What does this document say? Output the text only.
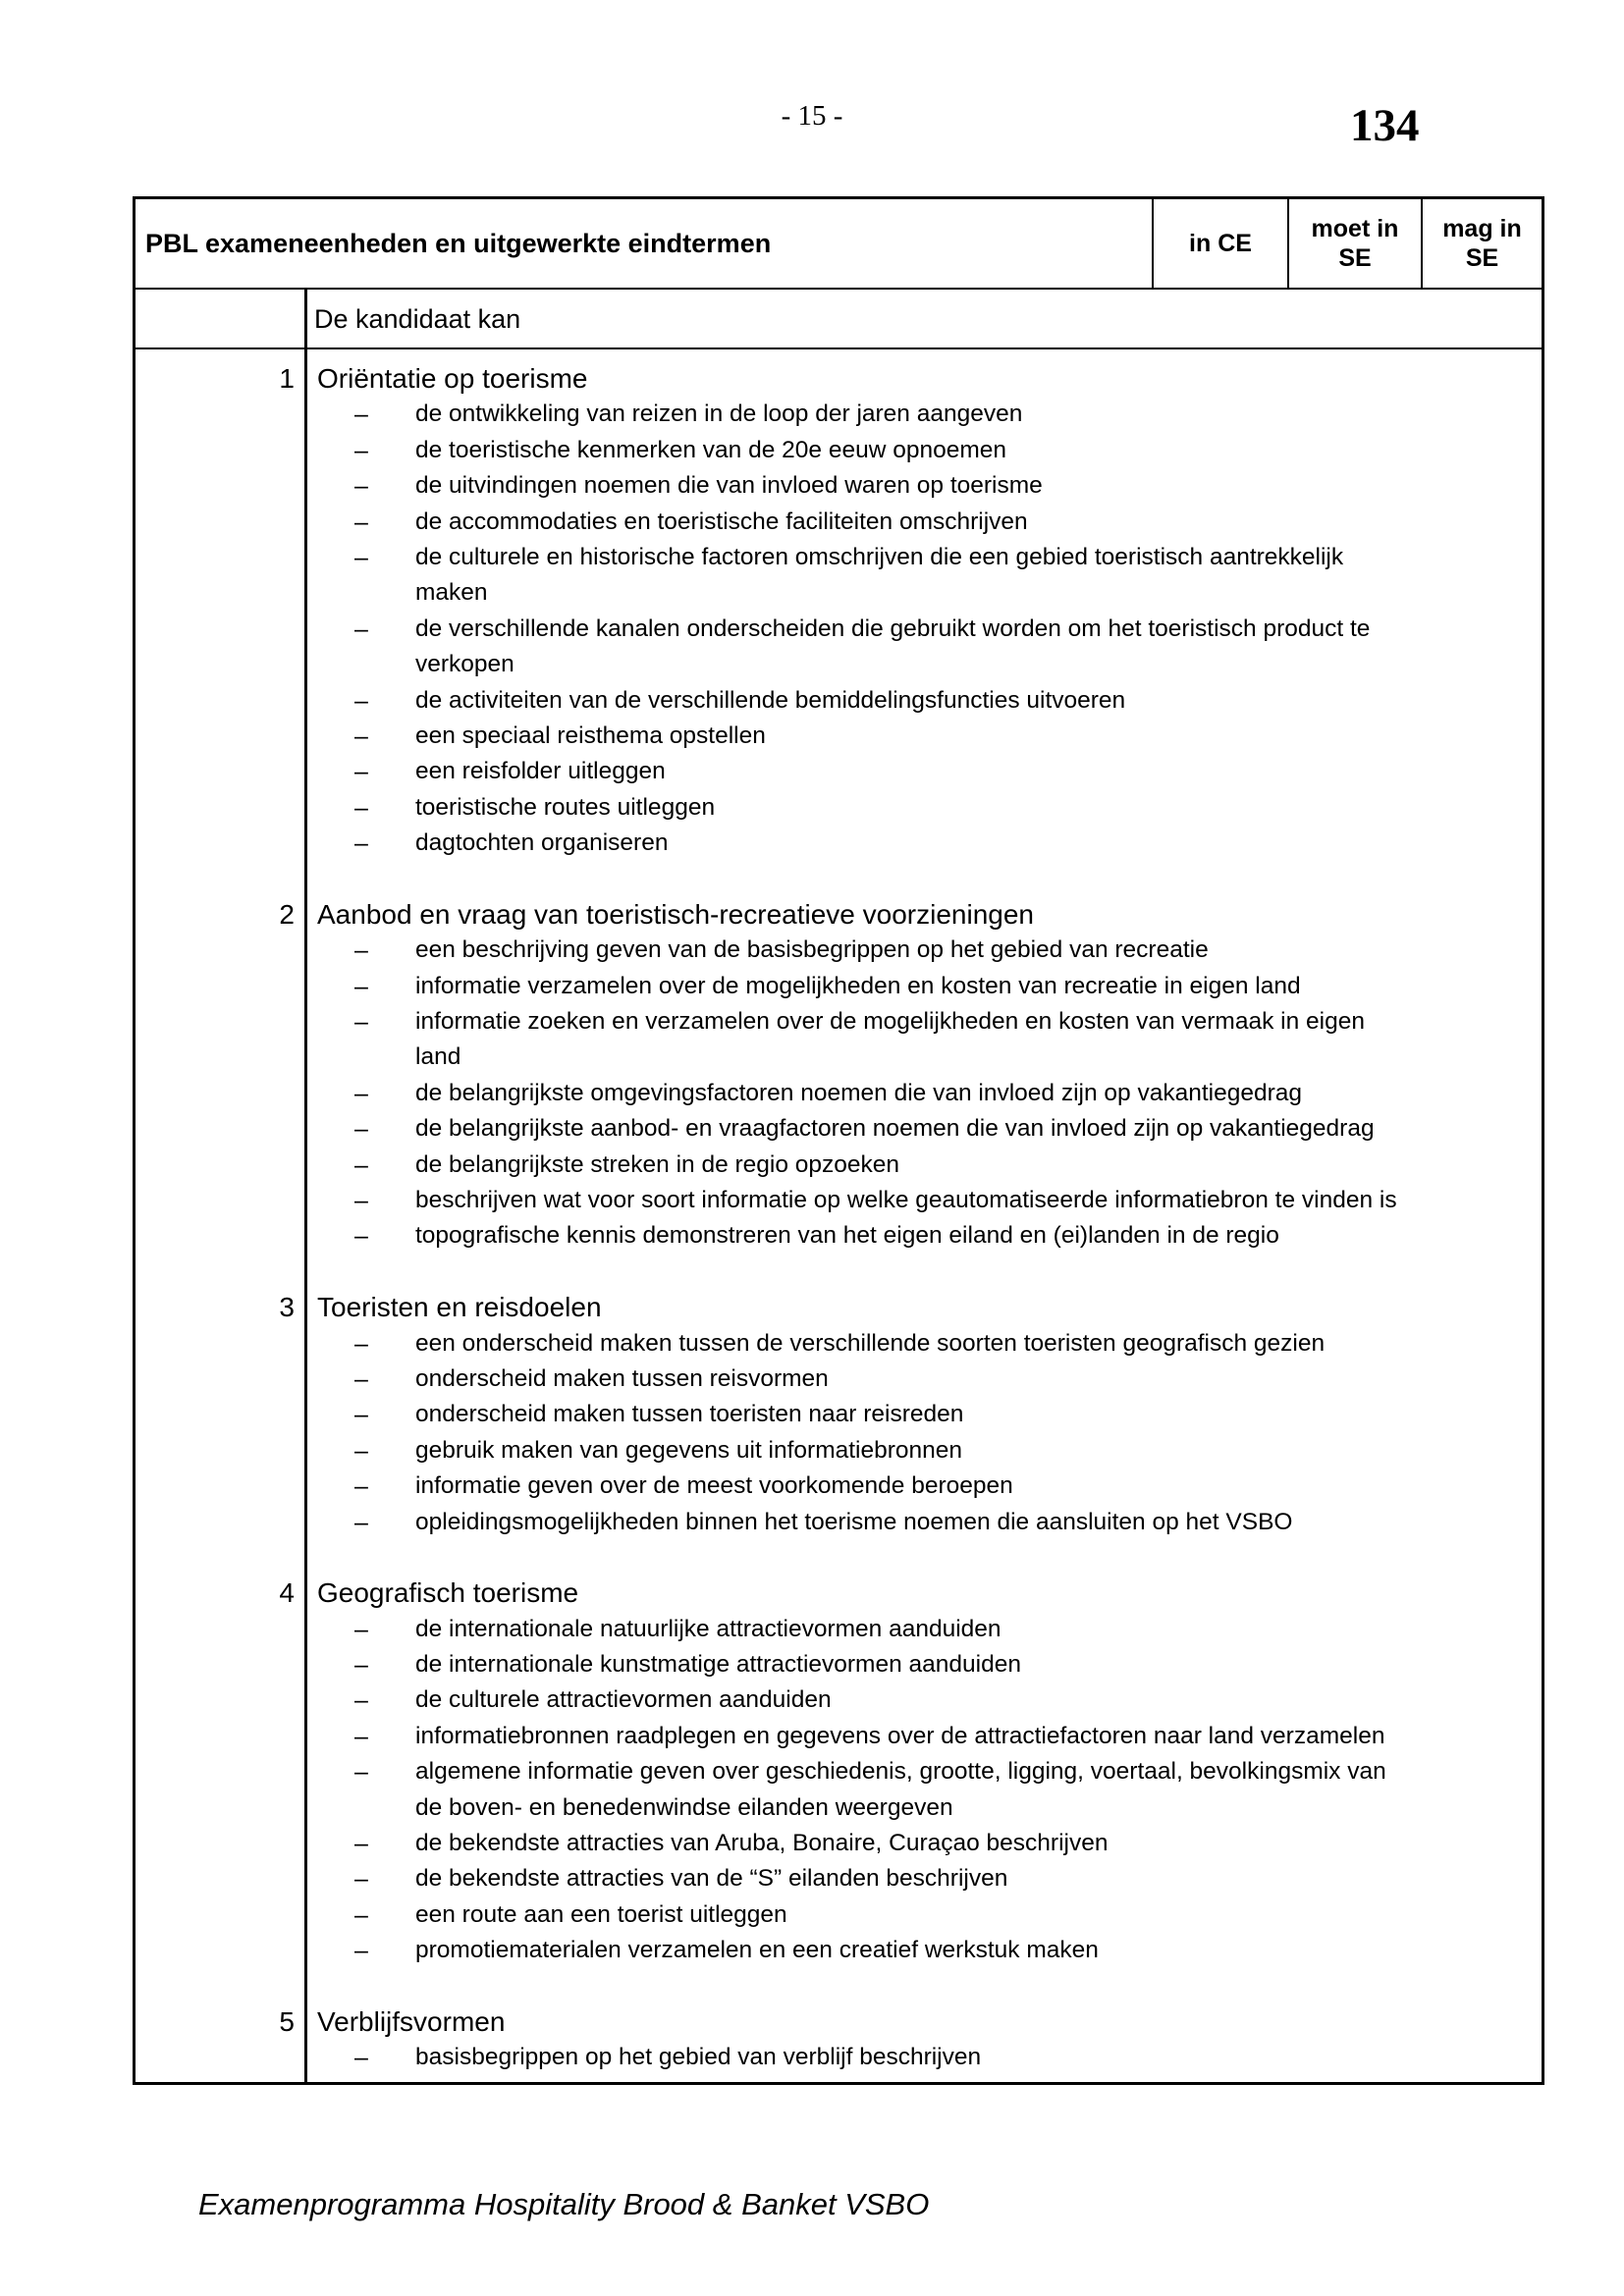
- 15 -	134
PBL exameneenheden en uitgewerkte eindtermen	in CE
moet in
SE
mag in
SE
De kandidaat kan
1 Oriëntatie op toerisme
– de ontwikkeling van reizen in de loop der jaren aangeven
– de toeristische kenmerken van de 20e eeuw opnoemen
– de uitvindingen noemen die van invloed waren op toerisme
– de accommodaties en toeristische faciliteiten omschrijven
– de culturele en historische factoren omschrijven die een gebied toeristisch aantrekkelijk
maken
– de verschillende kanalen onderscheiden die gebruikt worden om het toeristisch product te
verkopen
– de activiteiten van de verschillende bemiddelingsfuncties uitvoeren
– een speciaal reisthema opstellen
– een reisfolder uitleggen
– toeristische routes uitleggen
– dagtochten organiseren
2 Aanbod en vraag van toeristisch-recreatieve voorzieningen
– een beschrijving geven van de basisbegrippen op het gebied van recreatie
– informatie verzamelen over de mogelijkheden en kosten van recreatie in eigen land
– informatie zoeken en verzamelen over de mogelijkheden en kosten van vermaak in eigen
land
– de belangrijkste omgevingsfactoren noemen die van invloed zijn op vakantiegedrag
– de belangrijkste aanbod- en vraagfactoren noemen die van invloed zijn op vakantiegedrag
– de belangrijkste streken in de regio opzoeken
– beschrijven wat voor soort informatie op welke geautomatiseerde informatiebron te vinden is
– topografische kennis demonstreren van het eigen eiland en (ei)landen in de regio
3 Toeristen en reisdoelen
– een onderscheid maken tussen de verschillende soorten toeristen geografisch gezien
– onderscheid maken tussen reisvormen
– onderscheid maken tussen toeristen naar reisreden
– gebruik maken van gegevens uit informatiebronnen
– informatie geven over de meest voorkomende beroepen
– opleidingsmogelijkheden binnen het toerisme noemen die aansluiten op het VSBO
4 Geografisch toerisme
– de internationale natuurlijke attractievormen aanduiden
– de internationale kunstmatige attractievormen aanduiden
– de culturele attractievormen aanduiden
– informatiebronnen raadplegen en gegevens over de attractiefactoren naar land verzamelen
– algemene informatie geven over geschiedenis, grootte, ligging, voertaal, bevolkingsmix van
de boven- en benedenwindse eilanden weergeven
– de bekendste attracties van Aruba, Bonaire, Curaçao beschrijven
– de bekendste attracties van de “S” eilanden beschrijven
– een route aan een toerist uitleggen
– promotiematerialen verzamelen en een creatief werkstuk maken
5 Verblijfsvormen
– basisbegrippen op het gebied van verblijf beschrijven
Examenprogramma Hospitality Brood & Banket VSBO
